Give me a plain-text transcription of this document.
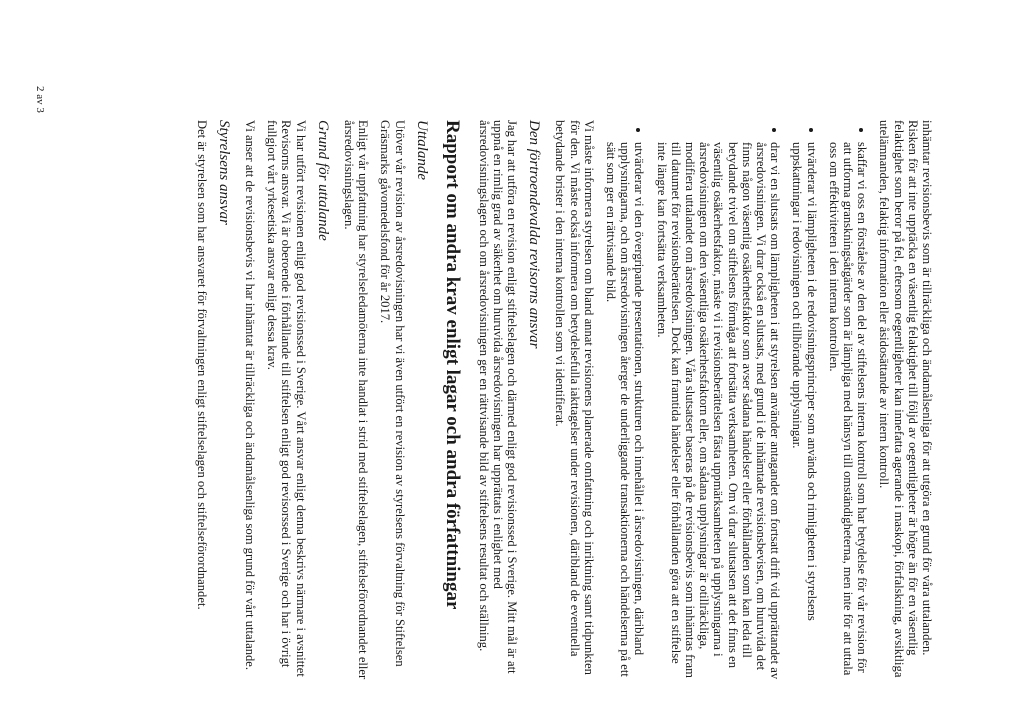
inhämtar revisionsbevis som är tillräckliga och ändamålsenliga för att utgöra en grund för våra uttalanden. Risken för att inte upptäcka en väsentlig felaktighet till följd av oegentligheter är högre än för en väsentlig felaktighet som beror på fel, eftersom oegentligheter kan innefatta agerande i maskopi, förfalskning, avsiktliga utelämnanden, felaktig information eller åsidosättande av intern kontroll.

• skaffar vi oss en förståelse av den del av stiftelsens interna kontroll som har betydelse för vår revision för att utforma granskningsåtgärder som är lämpliga med hänsyn till omständigheterna, men inte för att uttala oss om effektiviteten i den interna kontrollen.
• utvärderar vi lämpligheten i de redovisningsprinciper som används och rimligheten i styrelsens uppskattningar i redovisningen och tillhörande upplysningar.
• drar vi en slutsats om lämpligheten i att styrelsen använder antagandet om fortsatt drift vid upprättandet av årsredovisningen. Vi drar också en slutsats, med grund i de inhämtade revisionsbevisen, om huruvida det finns någon väsentlig osäkerhetsfaktor som avser sådana händelser eller förhållanden som kan leda till betydande tvivel om stiftelsens förmåga att fortsätta verksamheten. Om vi drar slutsatsen att det finns en väsentlig osäkerhetsfaktor, måste vi i revisionsberättelsen fästa uppmärksamheten på upplysningarna i årsredovisningen om den väsentliga osäkerhetsfaktorn eller, om sådana upplysningar är otillräckliga, modifiera uttalandet om årsredovisningen. Våra slutsatser baseras på de revisionsbevis som inhämtas fram till datumet för revisionsberättelsen. Dock kan framtida händelser eller förhållanden göra att en stiftelse inte längre kan fortsätta verksamheten.
• utvärderar vi den övergripande presentationen, strukturen och innehållet i årsredovisningen, däribland upplysningarna, och om årsredovisningen återger de underliggande transaktionerna och händelserna på ett sätt som ger en rättvisande bild.

Vi måste informera styrelsen om bland annat revisionens planerade omfattning och inriktning samt tidpunkten för den. Vi måste också informera om betydelsefulla iakttagelser under revisionen, däribland de eventuella betydande brister i den interna kontrollen som vi identifierat.

Den förtroendevalda revisorns ansvar

Jag har att utföra en revision enligt stiftelselagen och därmed enligt god revisionssed i Sverige. Mitt mål är att uppnå en rimlig grad av säkerhet om huruvida årsredovisningen har upprättats i enlighet med årsredovisningslagen och om årsredovisningen ger en rättvisande bild av stiftelsens resultat och ställning.

Rapport om andra krav enligt lagar och andra författningar

Uttalande

Utöver vår revision av årsredovisningen har vi även utfört en revision av styrelsens förvaltning för Stiftelsen Gräsmarks gåvomedelsfond för år 2017.

Enligt vår uppfattning har styrelseledamöterna inte handlat i strid med stiftelselagen, stiftelseförordnandet eller årsredovisningslagen.

Grund för uttalande

Vi har utfört revisionen enligt god revisionssed i Sverige. Vårt ansvar enligt denna beskrivs närmare i avsnittet Revisorns ansvar. Vi är oberoende i förhållande till stiftelsen enligt god revisorssed i Sverige och har i övrigt fullgjort vårt yrkesetiska ansvar enligt dessa krav.

Vi anser att de revisionsbevis vi har inhämtat är tillräckliga och ändamålsenliga som grund för vårt uttalande.

Styrelsens ansvar

Det är styrelsen som har ansvaret för förvaltningen enligt stiftelselagen och stiftelseförordnandet.

2 av 3
